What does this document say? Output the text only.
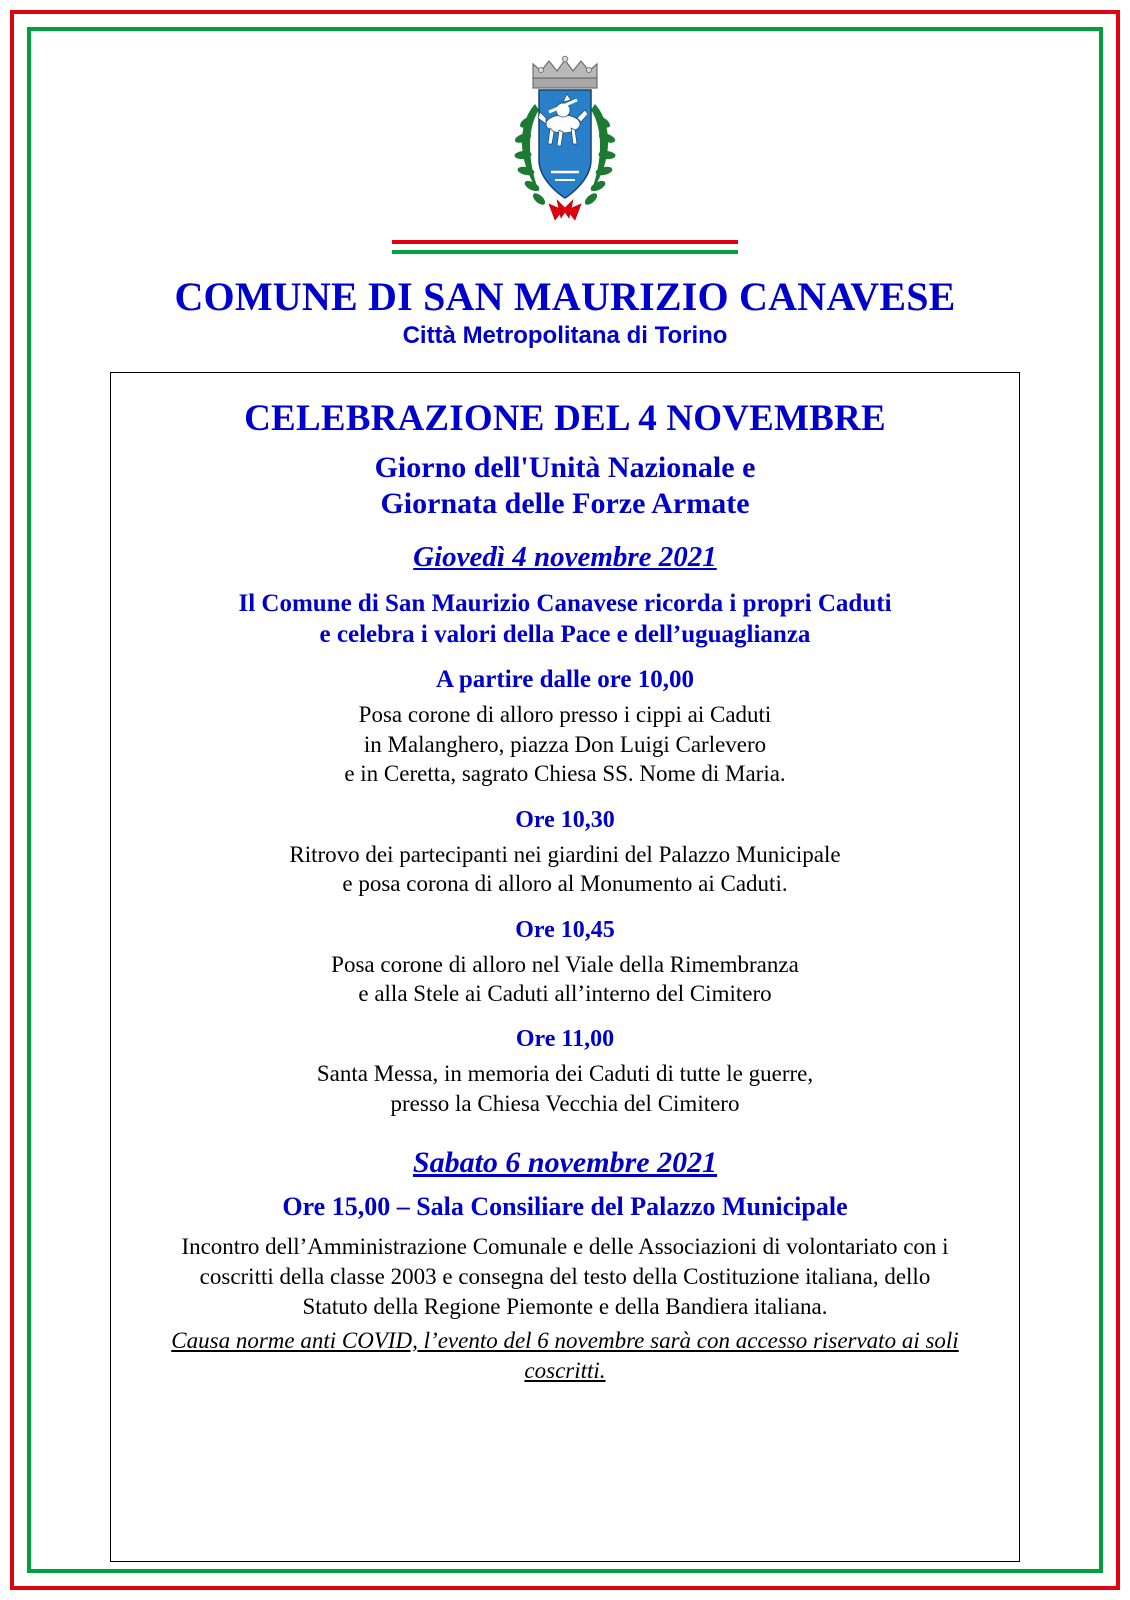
COMUNE DI SAN MAURIZIO CANAVESE
Città Metropolitana di Torino
CELEBRAZIONE DEL 4 NOVEMBRE
Giorno dell'Unità Nazionale e
Giornata delle Forze Armate
Giovedì 4 novembre 2021
Il Comune di San Maurizio Canavese ricorda i propri Caduti
e celebra i valori della Pace e dell’uguaglianza
A partire dalle ore 10,00
Posa corone di alloro presso i cippi ai Caduti
in Malanghero, piazza Don Luigi Carlevero
e in Ceretta, sagrato Chiesa SS. Nome di Maria.
Ore 10,30
Ritrovo dei partecipanti nei giardini del Palazzo Municipale
e posa corona di alloro al Monumento ai Caduti.
Ore 10,45
Posa corone di alloro nel Viale della Rimembranza
e alla Stele ai Caduti all’interno del Cimitero
Ore 11,00
Santa Messa, in memoria dei Caduti di tutte le guerre,
presso la Chiesa Vecchia del Cimitero
Sabato 6 novembre 2021
Ore 15,00 – Sala Consiliare del Palazzo Municipale
Incontro dell’Amministrazione Comunale e delle Associazioni di volontariato con i
coscritti della classe 2003 e consegna del testo della Costituzione italiana, dello
Statuto della Regione Piemonte e della Bandiera italiana.
Causa norme anti COVID, l’evento del 6 novembre sarà con accesso riservato ai soli
coscritti.
